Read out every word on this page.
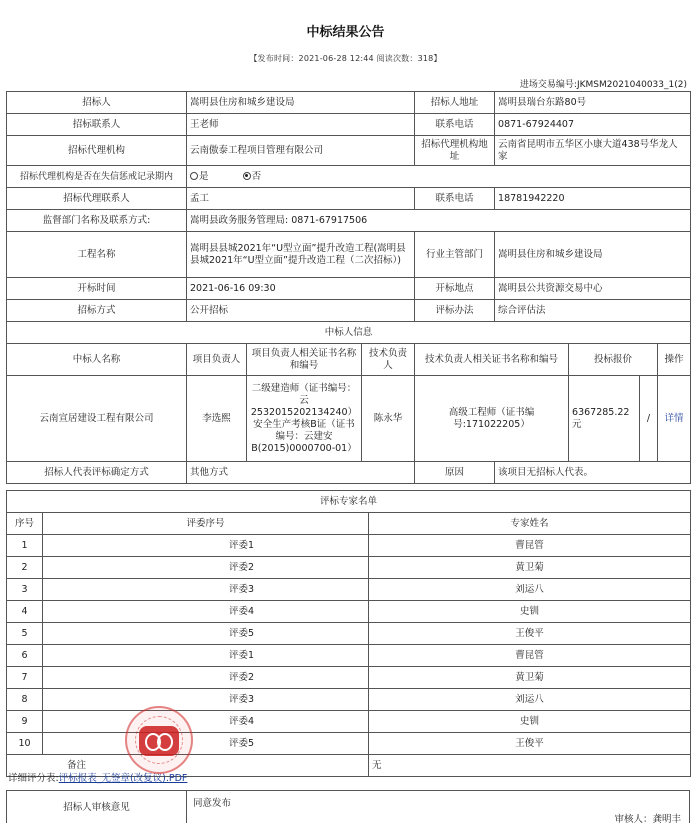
中标结果公告
【发布时间：2021-06-28 12:44 阅读次数：318】
进场交易编号:JKMSM2021040033_1(2)
招标人	嵩明县住房和城乡建设局			招标人地址	嵩明县瑞台东路80号			
招标联系人	王老师			联系电话	0871-67924407			
招标代理机构	云南傲泰工程项目管理有限公司			招标代理机构地址	云南省昆明市五华区小康大道438号华龙人家			
招标代理机构是否在失信惩戒记录期内	是 否							
招标代理联系人	孟工			联系电话	18781942220			
监督部门名称及联系方式:	嵩明县政务服务管理局: 0871-67917506							
工程名称	嵩明县县城2021年“U型立面”提升改造工程(嵩明县县城2021年“U型立面”提升改造工程（二次招标）)			行业主管部门	嵩明县住房和城乡建设局			
开标时间	2021-06-16 09:30			开标地点	嵩明县公共资源交易中心			
招标方式	公开招标			评标办法	综合评估法			
中标人信息								
中标人名称	项目负责人	项目负责人相关证书名称和编号	技术负责人	技术负责人相关证书名称和编号		投标报价		操作
云南宣居建设工程有限公司	李选熙	二级建造师（证书编号：云2532015202134240）安全生产考核B证（证书编号：云建安B(2015)0000700-01）	陈永华	高级工程师（证书编号:171022205）		6367285.22元	/	详情
招标人代表评标确定方式	其他方式			原因	该项目无招标人代表。			
评标专家名单		
序号	评委序号	专家姓名
1	评委1	曹昆管
2	评委2	黄卫菊
3	评委3	刘运八
4	评委4	史钏
5	评委5	王俊平
6	评委1	曹昆管
7	评委2	黄卫菊
8	评委3	刘运八
9	评委4	史钏
10	评委5	王俊平
备注		无
详细评分表:评标报表_无签章(改复议).PDF
招标人审核意见	同意发布
审核人：龚明丰
